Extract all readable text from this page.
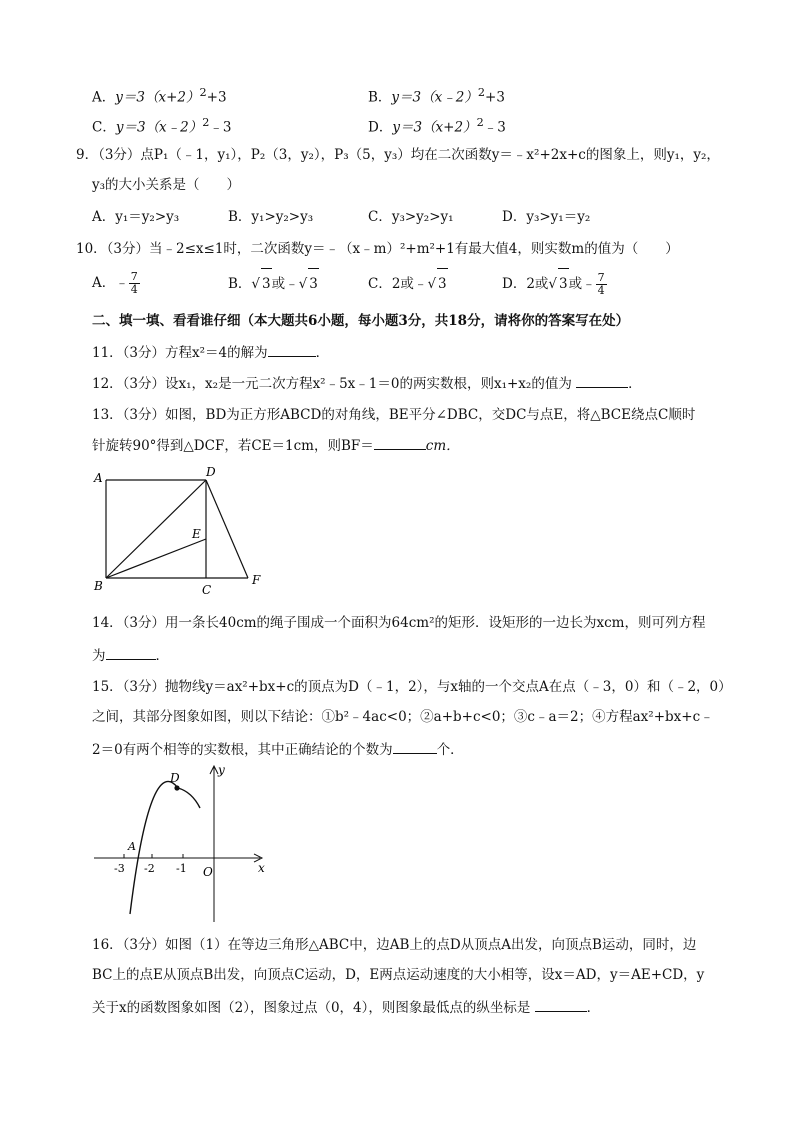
A．$y=3(x+2)^2+3$	B．y＝3（x﹣2）$^2$+3
C．y＝3（x﹣2）$^2$﹣3	D．$y=3(x+2)^2﹣3$
9．（3分）点P₁（﹣1，y₁），P₂（3，y₂），P₃（5，y₃）均在二次函数y＝﹣x²+2x+c的图象上，则y₁，y₂，
y₃的大小关系是（　　）
A．y₁＝y₂>y₃	B．y₁>y₂>y₃	C．y₃>y₂>y₁	D．y₃>y₁＝y₂
10．（3分）当﹣2≤x≤1时，二次函数y＝﹣（x﹣m）²+m²+1有最大值4，则实数m的值为（　　）
A．﹣ $\frac{7}{4}$	B．√ 3或﹣√ 3	C．2或﹣√ 3	D．2或√ 3或﹣ $\frac{7}{4}$
二、填一填、看看谁仔细（本大题共6小题，每小题3分，共18分，请将你的答案写在处）
11．（3分）方程x²＝4的解为	．
12．（3分）设x₁，x₂是一元二次方程x²﹣5x﹣1＝0的两实数根，则x₁+x₂的值为	．
13．（3分）如图，BD为正方形ABCD的对角线，BE平分∠DBC，交DC与点E，将△BCE绕点C顺时
针旋转90°得到△DCF，若CE＝1cm，则BF＝	cm．
A	D
E
B	C
F
14．（3分）用一条长40cm的绳子围成一个面积为64cm²的矩形．设矩形的一边长为xcm，则可列方程
为	．
15．（3分）抛物线y＝ax²+bx+c的顶点为D（﹣1，2），与x轴的一个交点A在点（﹣3，0）和（﹣2，0）
之间，其部分图象如图，则以下结论：①b²﹣4ac<0；②a+b+c<0；③c﹣a＝2；④方程ax²+bx+c﹣
2＝0有两个相等的实数根，其中正确结论的个数为	个．
y
x
D
A
O
-3 -2 -1
16．（3分）如图（1）在等边三角形△ABC中，边AB上的点D从顶点A出发，向顶点B运动，同时，边
BC上的点E从顶点B出发，向顶点C运动，D，E两点运动速度的大小相等，设x＝AD，y＝AE+CD，y
关于x的函数图象如图（2），图象过点（0，4），则图象最低点的纵坐标是	．
